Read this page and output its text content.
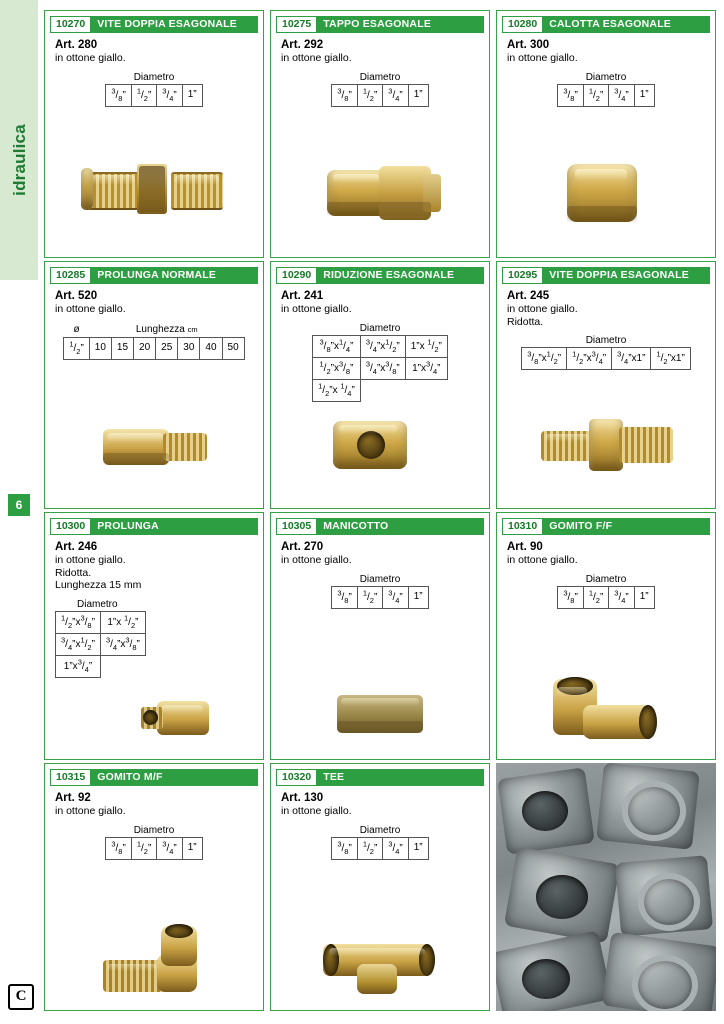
idraulica
6
C
10270	VITE DOPPIA ESAGONALE
Art. 280
in ottone giallo.
Diametro
$^3/_8$”	$^1/_2$”	$^3/_4$”	1”
10275	TAPPO ESAGONALE
Art. 292
in ottone giallo.
Diametro
$^3/_8$”	$^1/_2$”	$^3/_4$”	1”
10280	CALOTTA ESAGONALE
Art. 300
in ottone giallo.
Diametro
$^3/_8$”	$^1/_2$”	$^3/_4$”	1”
10285	PROLUNGA NORMALE
Art. 520
in ottone giallo.
ø	Lunghezza cm						
$^1/_2$”	10	15	20	25	30	40	50
10290	RIDUZIONE ESAGONALE
Art. 241
in ottone giallo.
Diametro
$^3/_8”x^1/_4$”	$^3/_4”x^1/_2$”	1”x $^1/_2$”
$^1/_2”x^3/_8$”	$^3/_4”x^3/_8$”	$1”x^3/_4$”
$^1/_2”x$ $^1/_4$”		
10295	VITE DOPPIA ESAGONALE
Art. 245
in ottone giallo.
Ridotta.
Diametro
$^3/_8”x^1/_2$”	$^1/_2”x^3/_4$”	$^3/_4”x1$”	$^1/_2”x1$”
10300	PROLUNGA
Art. 246
in ottone giallo.
Ridotta.
Lunghezza 15 mm
Diametro
$^1/_2”x^3/_8$”	1”x $^1/_2$”
$^3/_4”x^1/_2$”	$^3/_4”x^3/_8$”
$1”x^3/_4$”	
10305	MANICOTTO
Art. 270
in ottone giallo.
Diametro
$^3/_8$”	$^1/_2$”	$^3/_4$”	1”
10310	GOMITO F/F
Art. 90
in ottone giallo.
Diametro
$^3/_8$”	$^1/_2$”	$^3/_4$”	1”
10315	GOMITO M/F
Art. 92
in ottone giallo.
Diametro
$^3/_8$”	$^1/_2$”	$^3/_4$”	1”
10320	TEE
Art. 130
in ottone giallo.
Diametro
$^3/_8$”	$^1/_2$”	$^3/_4$”	1”
